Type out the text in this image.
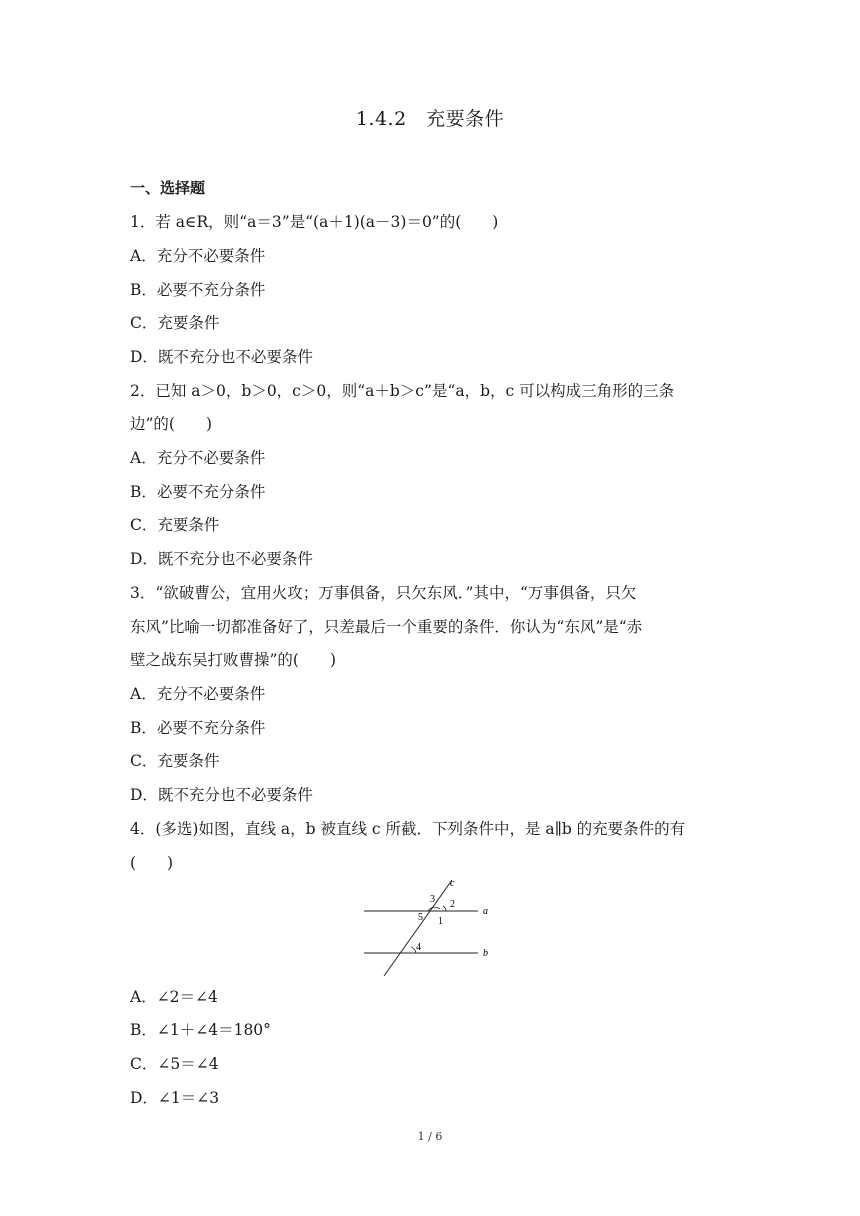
1.4.2　充要条件
一、选择题
1．若 a∈R，则“a＝3”是“(a＋1)(a－3)＝0”的(　　)
A．充分不必要条件
B．必要不充分条件
C．充要条件
D．既不充分也不必要条件
2．已知 a＞0，b＞0，c＞0，则“a＋b＞c”是“a，b，c 可以构成三角形的三条
边”的(　　)
A．充分不必要条件
B．必要不充分条件
C．充要条件
D．既不充分也不必要条件
3．“欲破曹公，宜用火攻；万事俱备，只欠东风．”其中，“万事俱备，只欠
东风”比喻一切都准备好了，只差最后一个重要的条件．你认为“东风”是“赤
壁之战东吴打败曹操”的(　　)
A．充分不必要条件
B．必要不充分条件
C．充要条件
D．既不充分也不必要条件
4．(多选)如图，直线 a，b 被直线 c 所截．下列条件中，是 a∥b 的充要条件的有
(　　)
c
3 2
a
5 1
4
b
A．∠2＝∠4
B．∠1＋∠4＝180°
C．∠5＝∠4
D．∠1＝∠3
1 / 6
